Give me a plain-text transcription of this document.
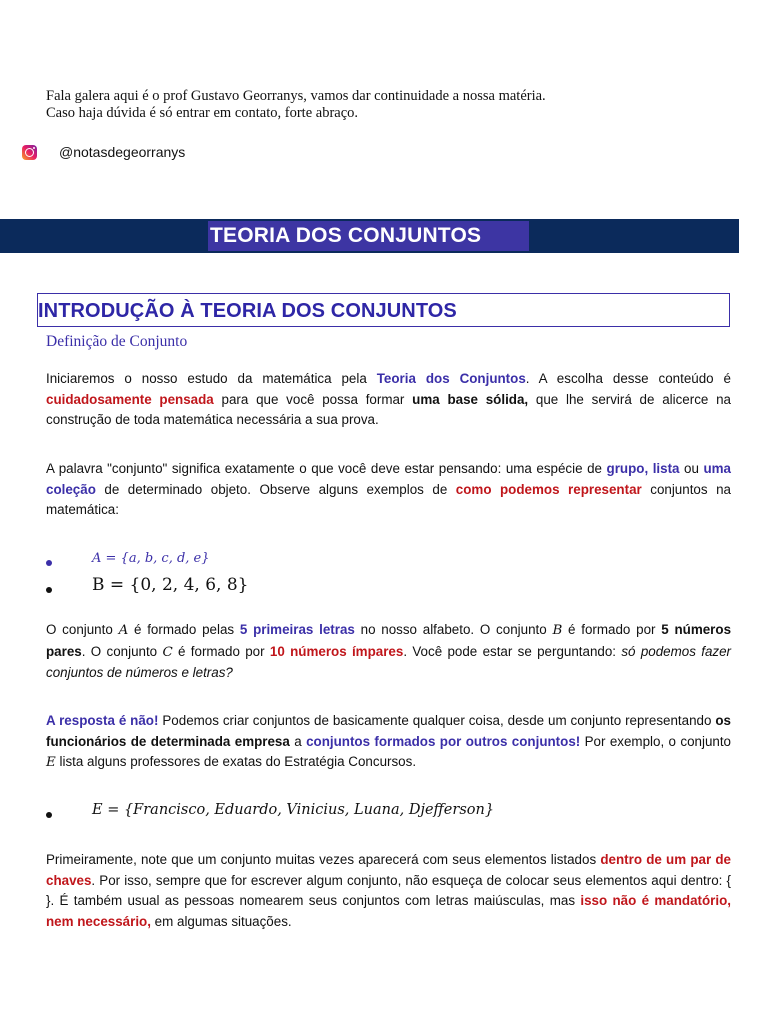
Fala galera aqui é o prof Gustavo Georranys, vamos dar continuidade a nossa matéria.
Caso haja dúvida é só entrar em contato, forte abraço.
@notasdegeorranys
TEORIA DOS CONJUNTOS
INTRODUÇÃO À TEORIA DOS CONJUNTOS
Definição de Conjunto
Iniciaremos o nosso estudo da matemática pela Teoria dos Conjuntos. A escolha desse conteúdo é cuidadosamente pensada para que você possa formar uma base sólida, que lhe servirá de alicerce na construção de toda matemática necessária a sua prova.
A palavra "conjunto" significa exatamente o que você deve estar pensando: uma espécie de grupo, lista ou uma coleção de determinado objeto. Observe alguns exemplos de como podemos representar conjuntos na matemática:
A = {a, b, c, d, e}
B = {0, 2, 4, 6, 8}
O conjunto A é formado pelas 5 primeiras letras no nosso alfabeto. O conjunto B é formado por 5 números pares. O conjunto C é formado por 10 números ímpares. Você pode estar se perguntando: só podemos fazer conjuntos de números e letras?
A resposta é não! Podemos criar conjuntos de basicamente qualquer coisa, desde um conjunto representando os funcionários de determinada empresa a conjuntos formados por outros conjuntos! Por exemplo, o conjunto E lista alguns professores de exatas do Estratégia Concursos.
E = {Francisco, Eduardo, Vinicius, Luana, Djefferson}
Primeiramente, note que um conjunto muitas vezes aparecerá com seus elementos listados dentro de um par de chaves. Por isso, sempre que for escrever algum conjunto, não esqueça de colocar seus elementos aqui dentro: { }. É também usual as pessoas nomearem seus conjuntos com letras maiúsculas, mas isso não é mandatório, nem necessário, em algumas situações.
